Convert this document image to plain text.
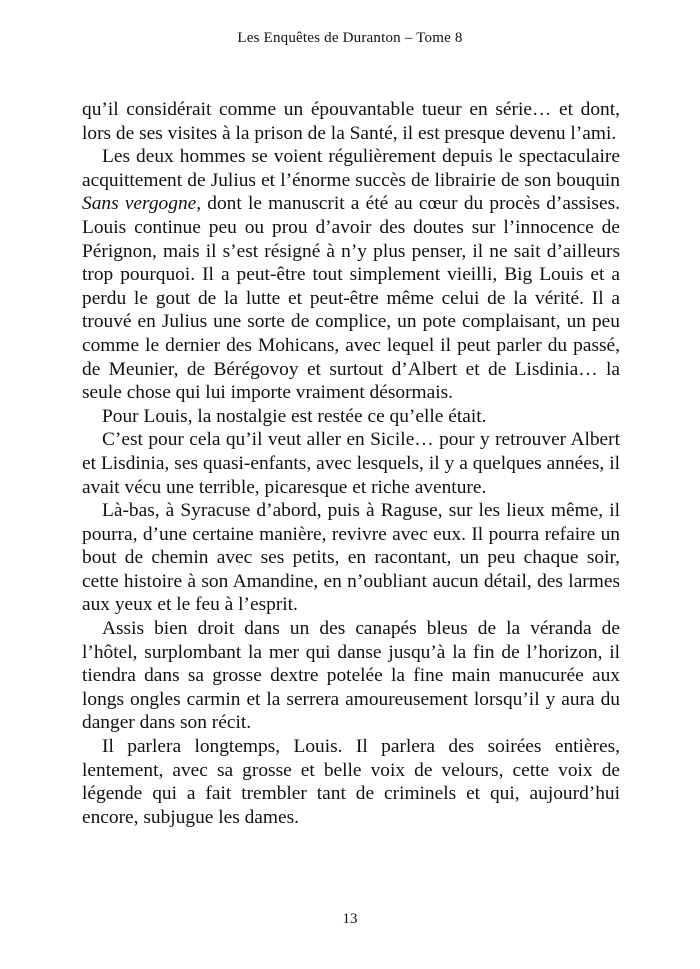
Les Enquêtes de Duranton – Tome 8

qu’il considérait comme un épouvantable tueur en série… et dont, lors de ses visites à la prison de la Santé, il est presque devenu l’ami.

Les deux hommes se voient régulièrement depuis le spectaculaire acquittement de Julius et l’énorme succès de librairie de son bouquin Sans vergogne, dont le manuscrit a été au cœur du procès d’assises. Louis continue peu ou prou d’avoir des doutes sur l’innocence de Pérignon, mais il s’est résigné à n’y plus penser, il ne sait d’ailleurs trop pourquoi. Il a peut-être tout simplement vieilli, Big Louis et a perdu le gout de la lutte et peut-être même celui de la vérité. Il a trouvé en Julius une sorte de complice, un pote complaisant, un peu comme le dernier des Mohicans, avec lequel il peut parler du passé, de Meunier, de Bérégovoy et surtout d’Albert et de Lisdinia… la seule chose qui lui importe vraiment désormais.

Pour Louis, la nostalgie est restée ce qu’elle était.

C’est pour cela qu’il veut aller en Sicile… pour y retrouver Albert et Lisdinia, ses quasi-enfants, avec lesquels, il y a quelques années, il avait vécu une terrible, picaresque et riche aventure.

Là-bas, à Syracuse d’abord, puis à Raguse, sur les lieux même, il pourra, d’une certaine manière, revivre avec eux. Il pourra refaire un bout de chemin avec ses petits, en racontant, un peu chaque soir, cette histoire à son Amandine, en n’oubliant aucun détail, des larmes aux yeux et le feu à l’esprit.

Assis bien droit dans un des canapés bleus de la véranda de l’hôtel, surplombant la mer qui danse jusqu’à la fin de l’horizon, il tiendra dans sa grosse dextre potelée la fine main manucurée aux longs ongles carmin et la serrera amoureusement lorsqu’il y aura du danger dans son récit.

Il parlera longtemps, Louis. Il parlera des soirées entières, lentement, avec sa grosse et belle voix de velours, cette voix de légende qui a fait trembler tant de criminels et qui, aujourd’hui encore, subjugue les dames.

13
